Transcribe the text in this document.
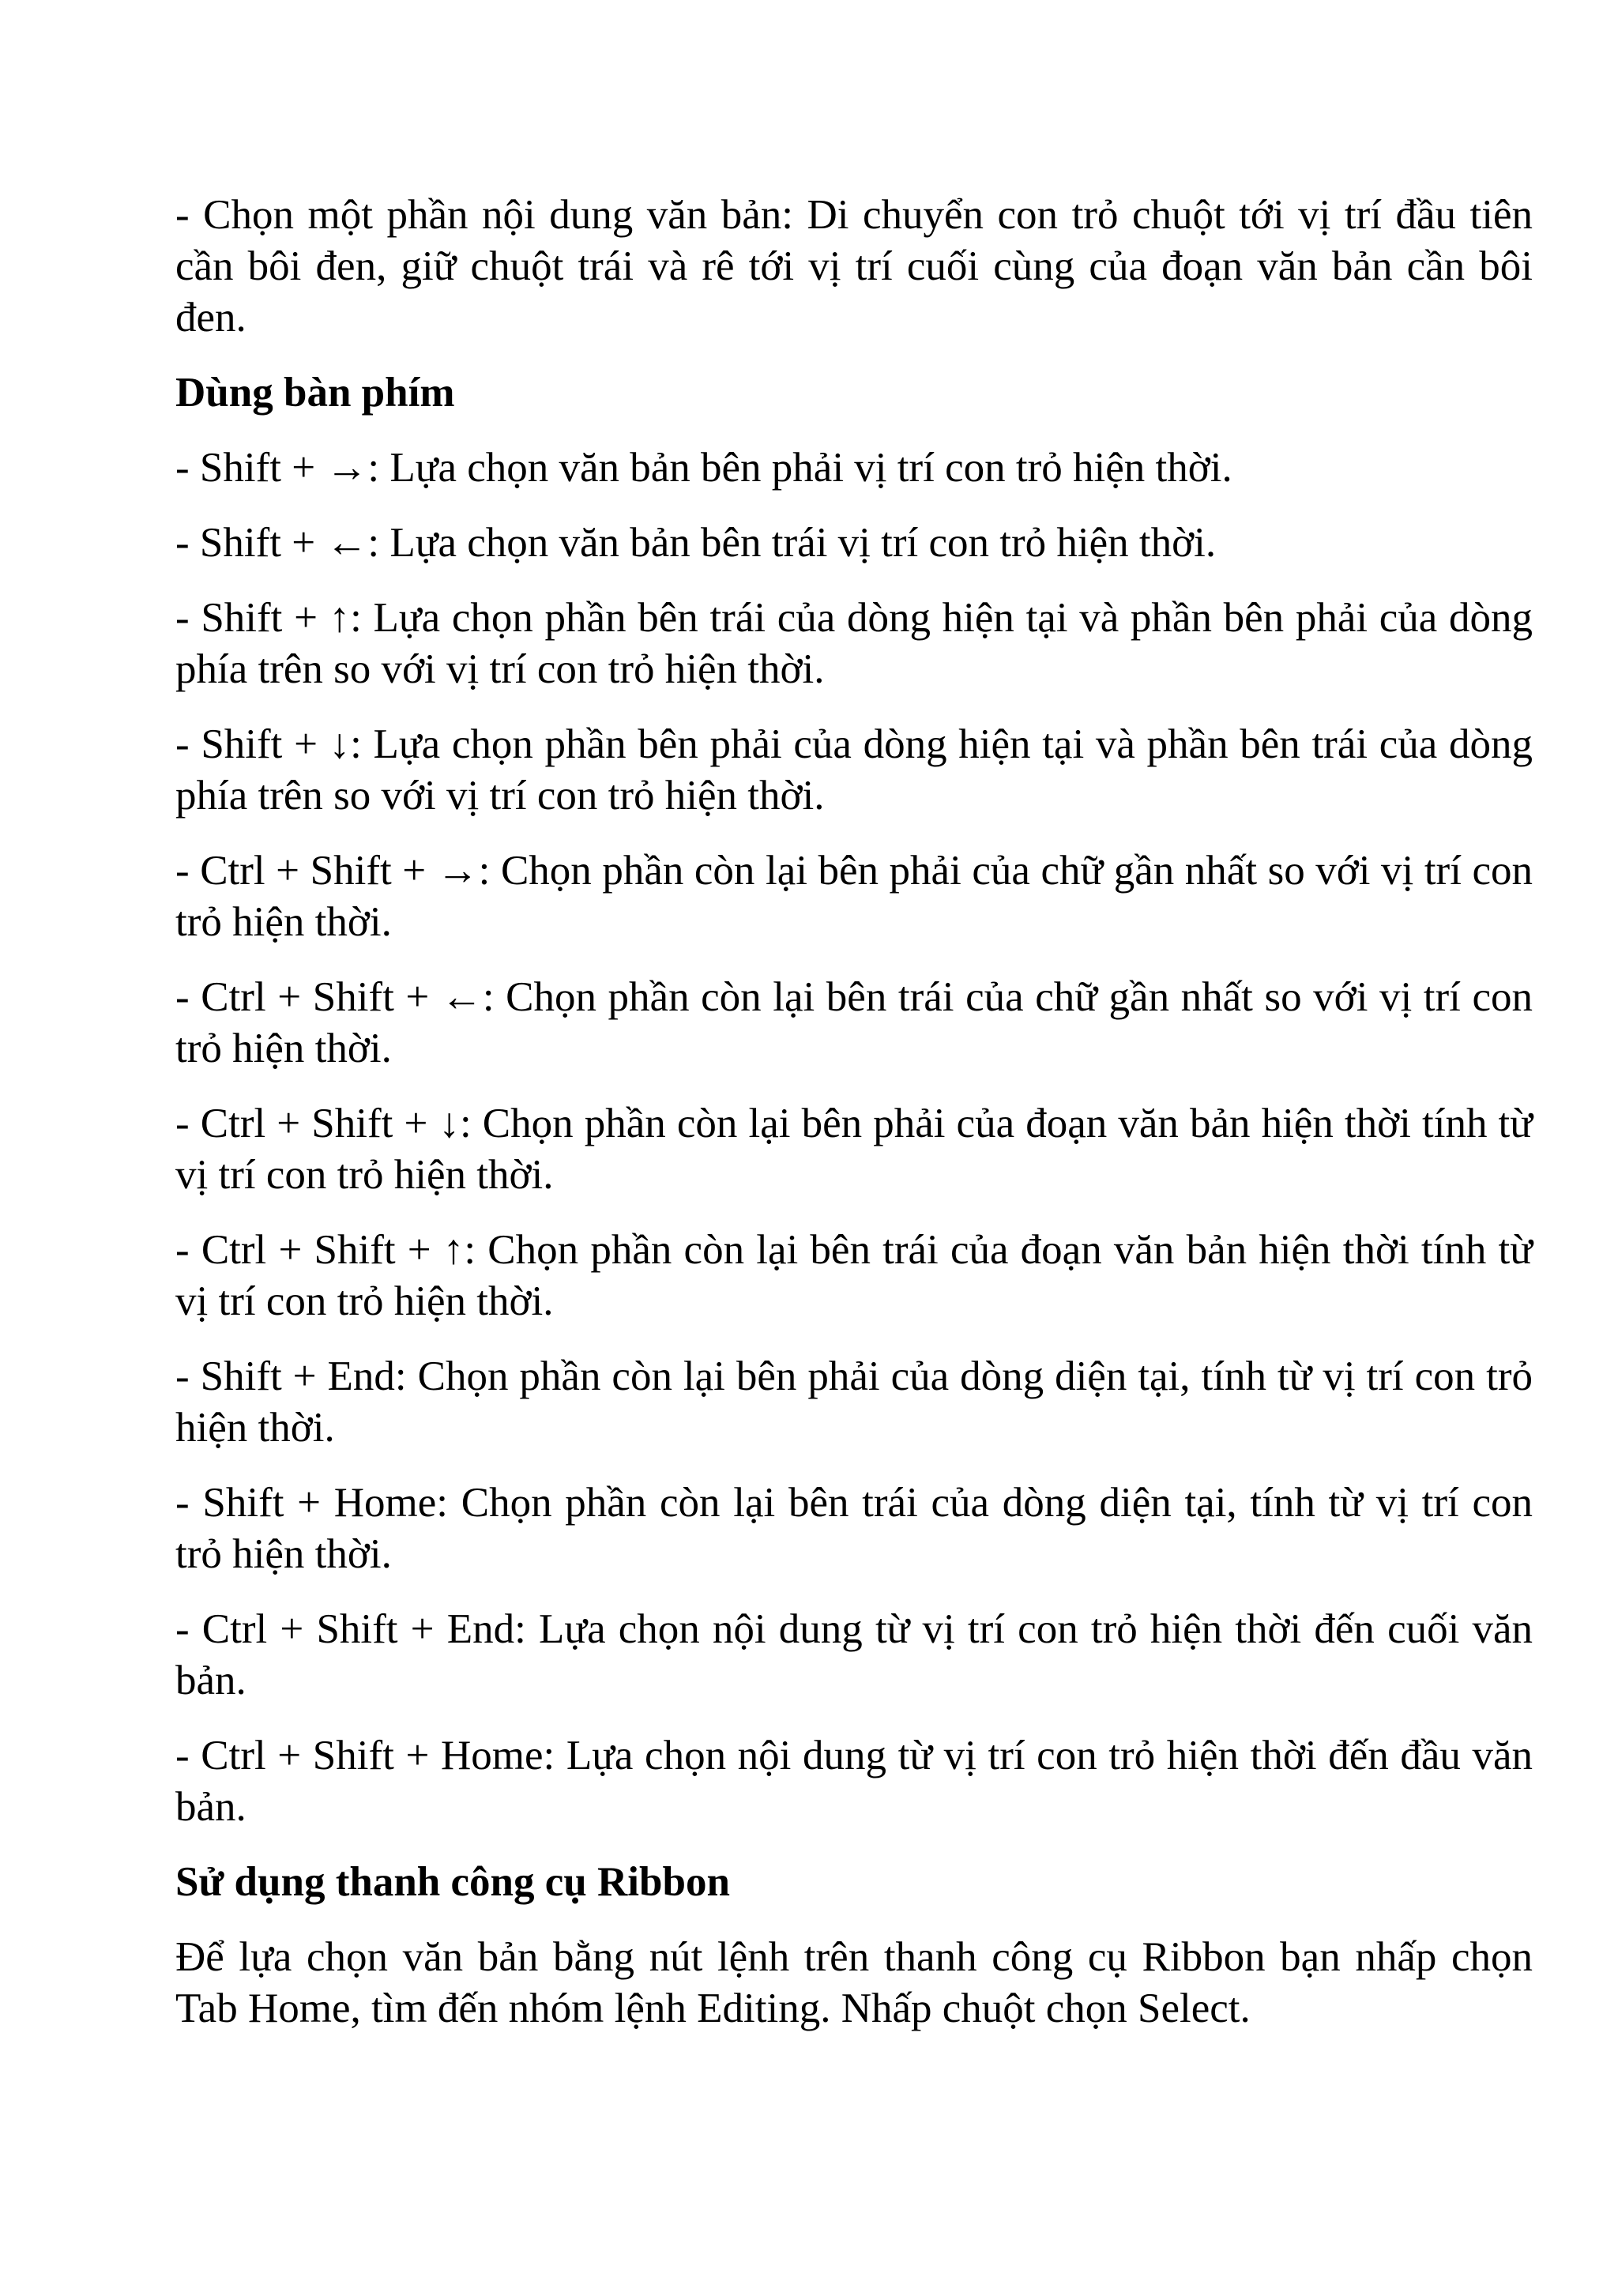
- Chọn một phần nội dung văn bản: Di chuyển con trỏ chuột tới vị trí đầu tiên cần bôi đen, giữ chuột trái và rê tới vị trí cuối cùng của đoạn văn bản cần bôi đen.

Dùng bàn phím

- Shift + →: Lựa chọn văn bản bên phải vị trí con trỏ hiện thời.

- Shift + ←: Lựa chọn văn bản bên trái vị trí con trỏ hiện thời.

- Shift + ↑: Lựa chọn phần bên trái của dòng hiện tại và phần bên phải của dòng phía trên so với vị trí con trỏ hiện thời.

- Shift + ↓: Lựa chọn phần bên phải của dòng hiện tại và phần bên trái của dòng phía trên so với vị trí con trỏ hiện thời.

- Ctrl + Shift + →: Chọn phần còn lại bên phải của chữ gần nhất so với vị trí con trỏ hiện thời.

- Ctrl + Shift + ←: Chọn phần còn lại bên trái của chữ gần nhất so với vị trí con trỏ hiện thời.

- Ctrl + Shift + ↓: Chọn phần còn lại bên phải của đoạn văn bản hiện thời tính từ vị trí con trỏ hiện thời.

- Ctrl + Shift + ↑: Chọn phần còn lại bên trái của đoạn văn bản hiện thời tính từ vị trí con trỏ hiện thời.

- Shift + End: Chọn phần còn lại bên phải của dòng diện tại, tính từ vị trí con trỏ hiện thời.

- Shift + Home: Chọn phần còn lại bên trái của dòng diện tại, tính từ vị trí con trỏ hiện thời.

- Ctrl + Shift + End: Lựa chọn nội dung từ vị trí con trỏ hiện thời đến cuối văn bản.

- Ctrl + Shift + Home: Lựa chọn nội dung từ vị trí con trỏ hiện thời đến đầu văn bản.

Sử dụng thanh công cụ Ribbon

Để lựa chọn văn bản bằng nút lệnh trên thanh công cụ Ribbon bạn nhấp chọn Tab Home, tìm đến nhóm lệnh Editing. Nhấp chuột chọn Select.
